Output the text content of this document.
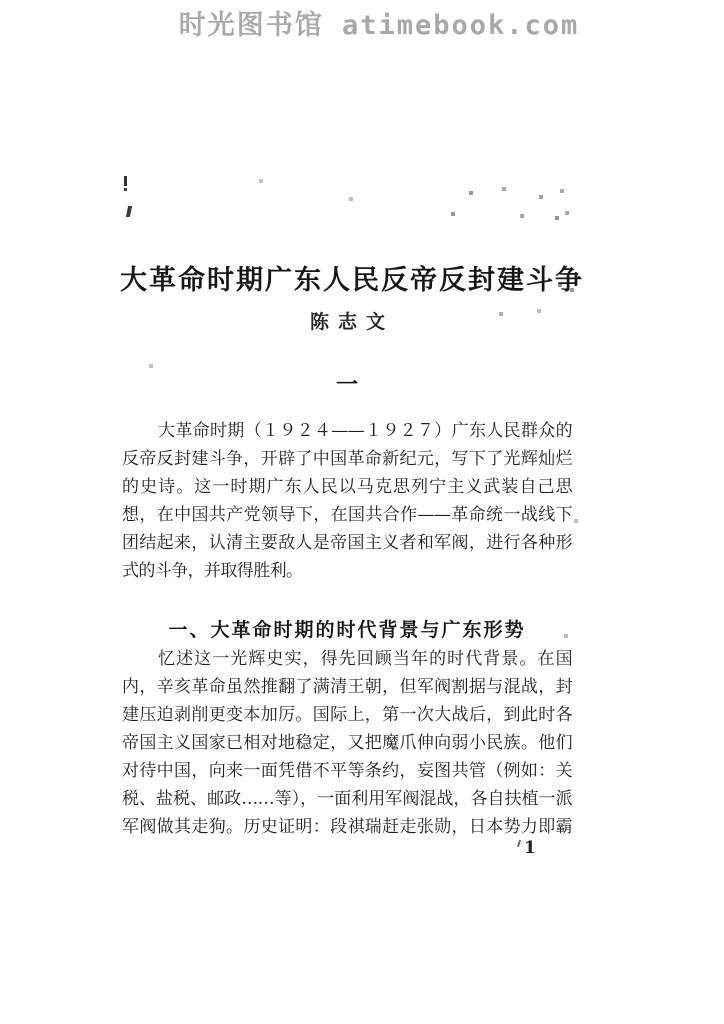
时光图书馆 atimebook.com
大革命时期广东人民反帝反封建斗争
陈志文
一
大革命时期（１９２４——１９２７）广东人民群众的
反帝反封建斗争，开辟了中国革命新纪元，写下了光辉灿烂
的史诗。这一时期广东人民以马克思列宁主义武装自己思
想，在中国共产党领导下，在国共合作——革命统一战线下
团结起来，认清主要敌人是帝国主义者和军阀，进行各种形
式的斗争，并取得胜利。
一、大革命时期的时代背景与广东形势
忆述这一光辉史实，得先回顾当年的时代背景。在国
内，辛亥革命虽然推翻了满清王朝，但军阀割据与混战，封
建压迫剥削更变本加厉。国际上，第一次大战后，到此时各
帝国主义国家已相对地稳定，又把魔爪伸向弱小民族。他们
对待中国，向来一面凭借不平等条约，妄图共管（例如：关
税、盐税、邮政……等），一面利用军阀混战，各自扶植一派
军阀做其走狗。历史证明：段祺瑞赶走张勋，日本势力即霸
1
